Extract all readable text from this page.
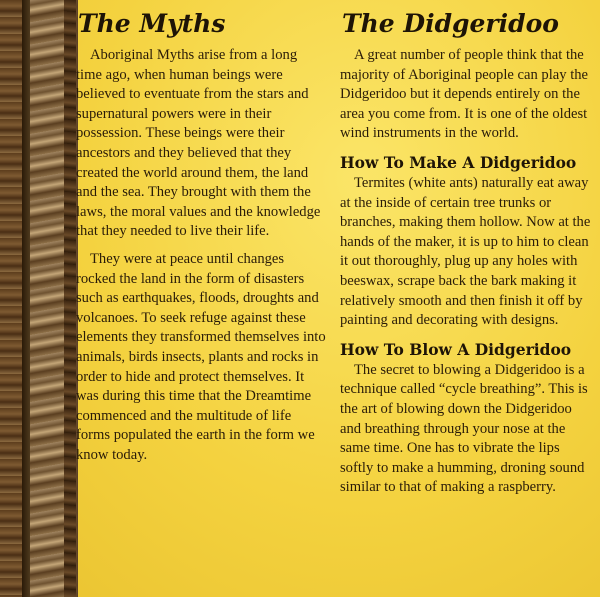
The Myths

Aboriginal Myths arise from a long time ago, when human beings were believed to eventuate from the stars and supernatural powers were in their possession. These beings were their ancestors and they believed that they created the world around them, the land and the sea. They brought with them the laws, the moral values and the knowledge that they needed to live their life.

They were at peace until changes rocked the land in the form of disasters such as earthquakes, floods, droughts and volcanoes. To seek refuge against these elements they transformed themselves into animals, birds insects, plants and rocks in order to hide and protect themselves. It was during this time that the Dreamtime commenced and the multitude of life forms populated the earth in the form we know today.

The Didgeridoo

A great number of people think that the majority of Aboriginal people can play the Didgeridoo but it depends entirely on the area you come from. It is one of the oldest wind instruments in the world.

How To Make A Didgeridoo

Termites (white ants) naturally eat away at the inside of certain tree trunks or branches, making them hollow. Now at the hands of the maker, it is up to him to clean it out thoroughly, plug up any holes with beeswax, scrape back the bark making it relatively smooth and then finish it off by painting and decorating with designs.

How To Blow A Didgeridoo

The secret to blowing a Didgeridoo is a technique called “cycle breathing”. This is the art of blowing down the Didgeridoo and breathing through your nose at the same time. One has to vibrate the lips softly to make a humming, droning sound similar to that of making a raspberry.
